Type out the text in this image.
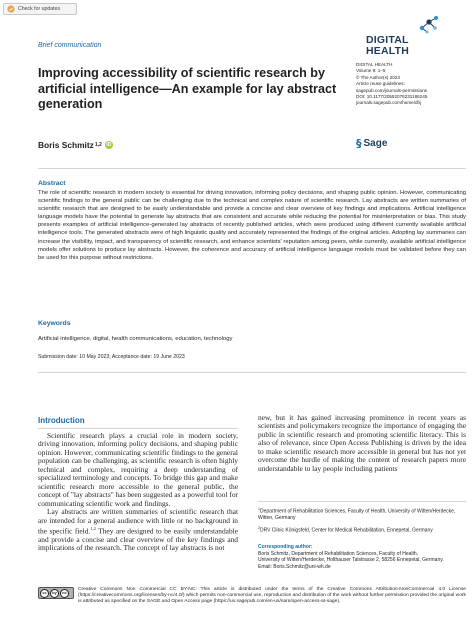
Check for updates
Brief communication	DIGITAL
HEALTH
DIGITAL HEALTH
Volume 9: 1–5
© The Author(s) 2023
Article reuse guidelines:
sagepub.com/journals-permissions
DOI: 10.1177/20552076231186245
journals.sagepub.com/home/dhj
§ Sage
Improving accessibility of scientific research by artificial intelligence—An example for lay abstract generation
Boris Schmitz 1,2 iD
Abstract

The role of scientific research in modern society is essential for driving innovation, informing policy decisions, and shaping public opinion. However, communicating scientific findings to the general public can be challenging due to the technical and complex nature of scientific research. Lay abstracts are written summaries of scientific research that are designed to be easily understandable and provide a concise and clear overview of key findings and implications. Artificial intelligence language models have the potential to generate lay abstracts that are consistent and accurate while reducing the potential for misinterpretation or bias. This study presents examples of artificial intelligence-generated lay abstracts of recently published articles, which were produced using different currently available artificial intelligence tools. The generated abstracts were of high linguistic quality and accurately represented the findings of the original articles. Adopting lay summaries can increase the visibility, impact, and transparency of scientific research, and enhance scientists' reputation among peers, while currently, available artificial intelligence models offer solutions to produce lay abstracts. However, the coherence and accuracy of artificial intelligence language models must be validated before they can be used for this purpose without restrictions.

Keywords
Artificial intelligence, digital, health communications, education, technology
Submission date: 10 May 2023; Acceptance date: 19 June 2023
Introduction

Scientific research plays a crucial role in modern society, driving innovation, informing policy decisions, and shaping public opinion. However, communicating scientific findings to the general population can be challenging, as scientific research is often highly technical and complex, requiring a deep understanding of specialized terminology and concepts. To bridge this gap and make scientific research more accessible to the general public, the concept of "lay abstracts" has been suggested as a powerful tool for communicating scientific work and findings.

Lay abstracts are written summaries of scientific research that are intended for a general audience with little or no background in the specific field.$^{1,2}$ They are designed to be easily understandable and provide a concise and clear overview of the key findings and implications of the research. The concept of lay abstracts is not

new, but it has gained increasing prominence in recent years as scientists and policymakers recognize the importance of engaging the public in scientific research and promoting scientific literacy. This is also of relevance, since Open Access Publishing is driven by the idea to make scientific research more accessible in general but has not yet overcome the hurdle of making the content of research papers more understandable to lay people including patients

$^1$Department of Rehabilitation Sciences, Faculty of Health, University of Witten/Herdecke, Witten, Germany
$^2$DRV Clinic Königsfeld, Center for Medical Rehabilitation, Ennepetal, Germany
Corresponding author:
Boris Schmitz, Department of Rehabilitation Sciences, Faculty of Health,
University of Witten/Herdecke, Holthauser Talstrasse 2, 58256 Ennepetal, Germany.
Email: Boris.Schmitz@uni-wh.de
cc	by	nc

Creative Commons Non Commercial CC BY-NC: This article is distributed under the terms of the Creative Commons Attribution-NonCommercial 4.0 License (https://creativecommons.org/licenses/by-nc/4.0/) which permits non-commercial use, reproduction and distribution of the work without further permission provided the original work is attributed as specified on the SAGE and Open Access page (https://us.sagepub.com/en-us/nam/open-access-at-sage).
